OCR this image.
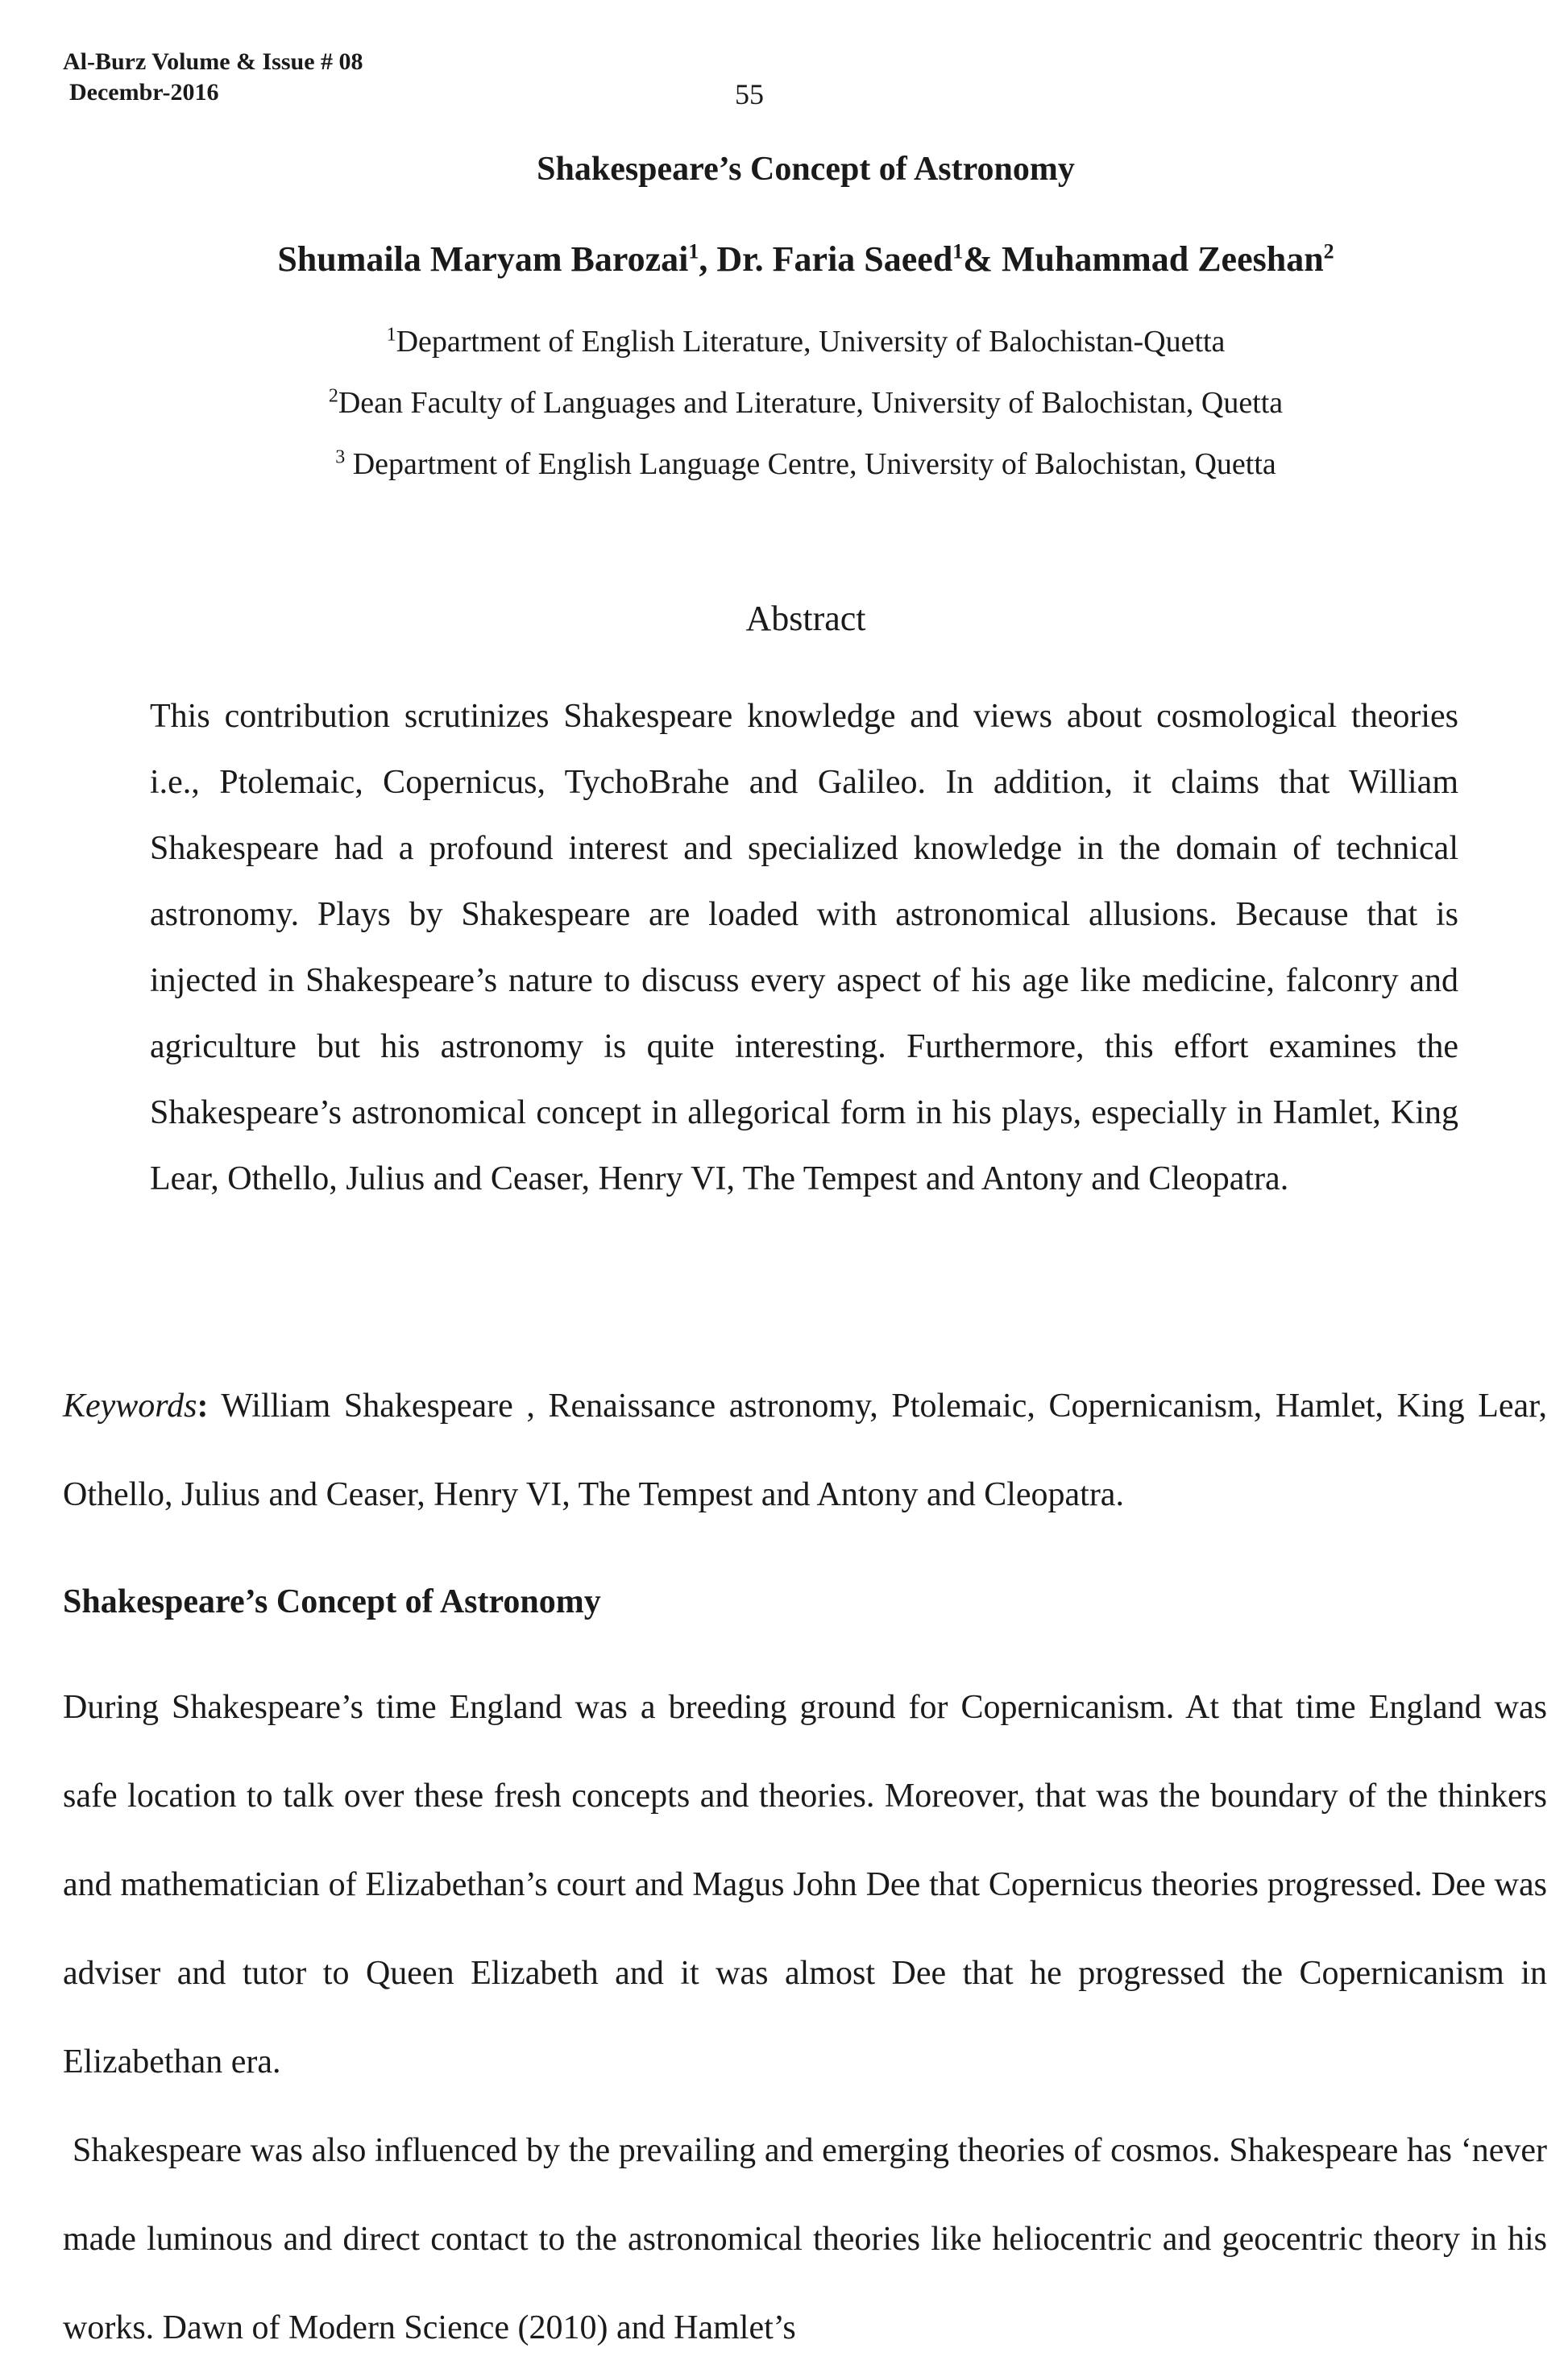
Al-Burz Volume & Issue # 08
Decembr-2016	55
Shakespeare’s Concept of Astronomy
Shumaila Maryam Barozai$^1$, Dr. Faria Saeed$^1$& Muhammad Zeeshan$^2$
$^1$Department of English Literature, University of Balochistan-Quetta
$^2$Dean Faculty of Languages and Literature, University of Balochistan, Quetta
$^3$ Department of English Language Centre, University of Balochistan, Quetta
Abstract
This contribution scrutinizes Shakespeare knowledge and views about cosmological theories i.e., Ptolemaic, Copernicus, TychoBrahe and Galileo. In addition, it claims that William Shakespeare had a profound interest and specialized knowledge in the domain of technical astronomy. Plays by Shakespeare are loaded with astronomical allusions. Because that is injected in Shakespeare’s nature to discuss every aspect of his age like medicine, falconry and agriculture but his astronomy is quite interesting. Furthermore, this effort examines the Shakespeare’s astronomical concept in allegorical form in his plays, especially in Hamlet, King Lear, Othello, Julius and Ceaser, Henry VI, The Tempest and Antony and Cleopatra.
Keywords: William Shakespeare , Renaissance astronomy, Ptolemaic, Copernicanism, Hamlet, King Lear, Othello, Julius and Ceaser, Henry VI, The Tempest and Antony and Cleopatra.
Shakespeare’s Concept of Astronomy

During Shakespeare’s time England was a breeding ground for Copernicanism. At that time England was safe location to talk over these fresh concepts and theories. Moreover, that was the boundary of the thinkers and mathematician of Elizabethan’s court and Magus John Dee that Copernicus theories progressed. Dee was adviser and tutor to Queen Elizabeth and it was almost Dee that he progressed the Copernicanism in Elizabethan era.

Shakespeare was also influenced by the prevailing and emerging theories of cosmos. Shakespeare has ‘never made luminous and direct contact to the astronomical theories like heliocentric and geocentric theory in his works. Dawn of Modern Science (2010) and Hamlet’s
